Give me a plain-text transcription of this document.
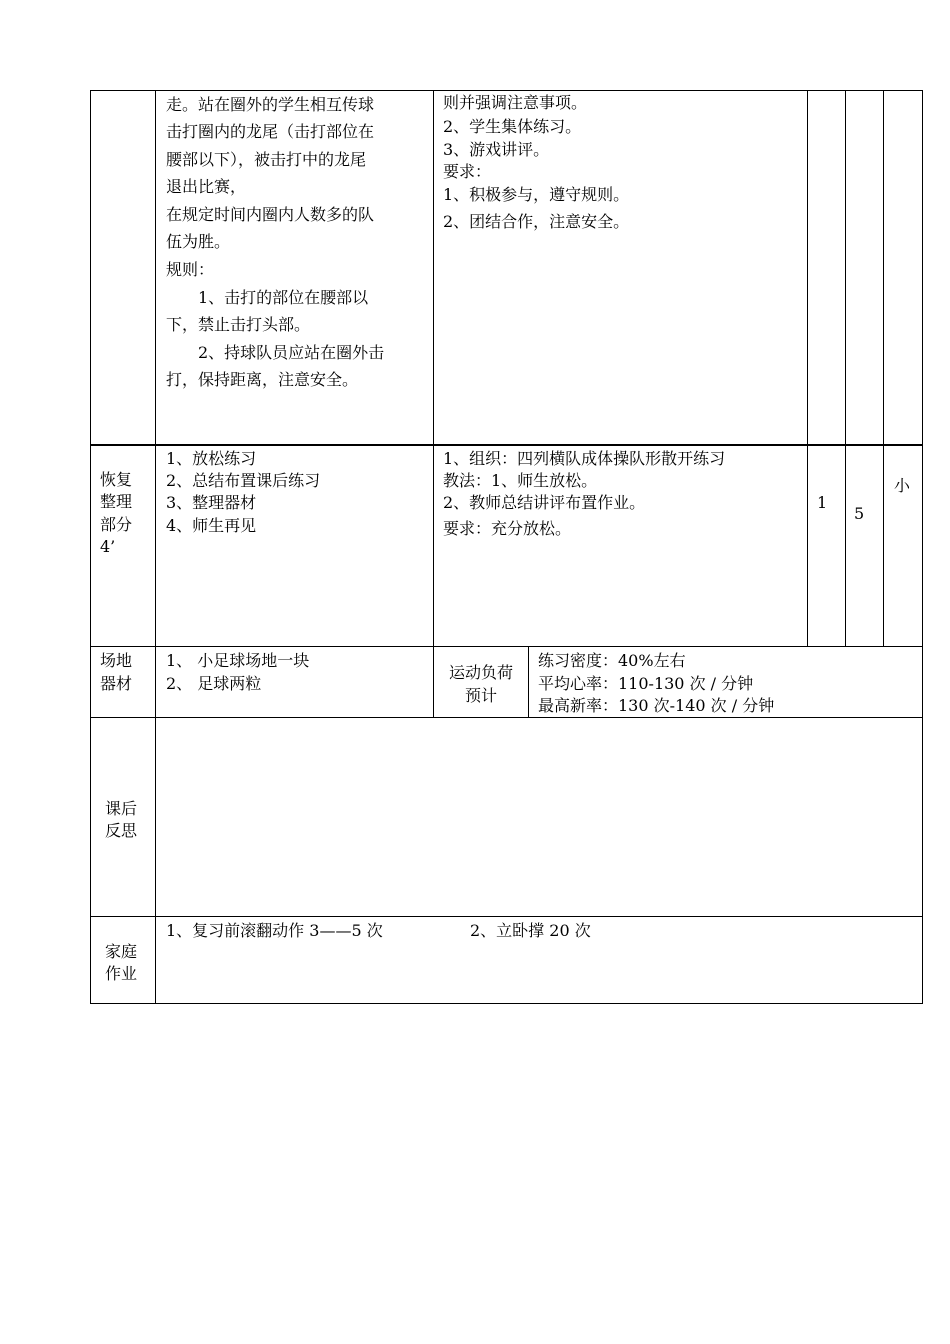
走。站在圈外的学生相互传球
击打圈内的龙尾（击打部位在
腰部以下），被击打中的龙尾
退出比赛，
在规定时间内圈内人数多的队
伍为胜。
规则：
　　1、击打的部位在腰部以
下，禁止击打头部。
　　2、持球队员应站在圈外击
打，保持距离，注意安全。
则并强调注意事项。
2、学生集体练习。
3、游戏讲评。
要求：
1、积极参与，遵守规则。
2、团结合作，注意安全。
恢复
整理
部分
4’
1、放松练习
2、总结布置课后练习
3、整理器材
4、师生再见
1、组织：四列横队成体操队形散开练习
教法：1、师生放松。
2、教师总结讲评布置作业。
要求：充分放松。
1
5
小
场地
器材
1、 小足球场地一块
2、 足球两粒
运动负荷
预计
练习密度：40%左右
平均心率：110-130 次 / 分钟
最高新率：130 次-140 次 / 分钟
课后
反思
家庭
作业
1、复习前滚翻动作 3——5 次	2、立卧撑 20 次
